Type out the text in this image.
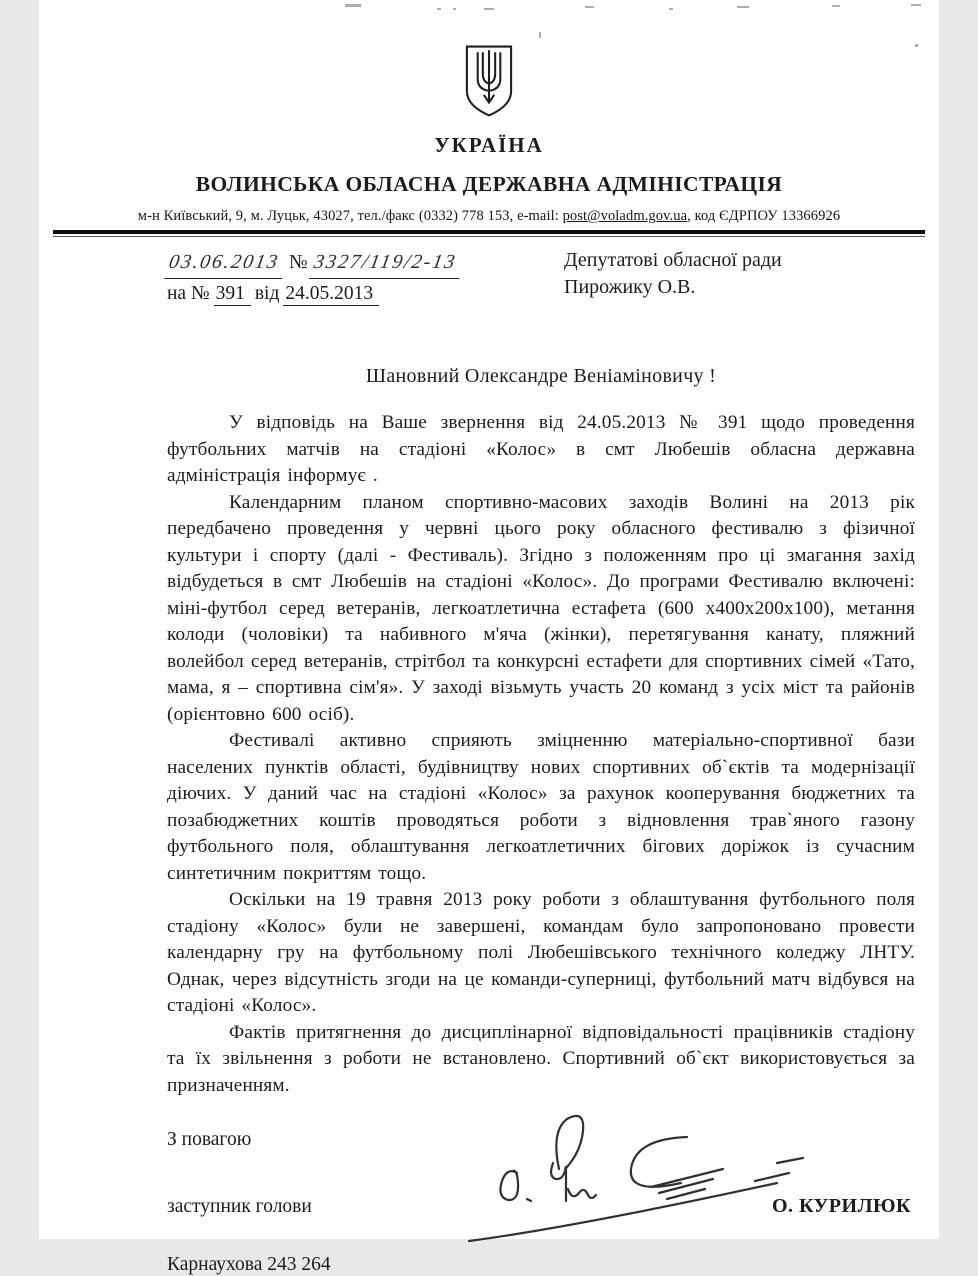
УКРАЇНА
ВОЛИНСЬКА ОБЛАСНА ДЕРЖАВНА АДМІНІСТРАЦІЯ
м-н Київський, 9, м. Луцьк, 43027, тел./факс (0332) 778 153, e-mail: post@voladm.gov.ua, код ЄДРПОУ 13366926
03.06.2013 № 3327/119/2-13
на № 391 від 24.05.2013
Депутатові обласної ради
Пирожику О.В.
Шановний Олександре Веніаміновичу !

У відповідь на Ваше звернення від 24.05.2013 № 391 щодо проведення футбольних матчів на стадіоні «Колос» в смт Любешів обласна державна адміністрація інформує .

Календарним планом спортивно-масових заходів Волині на 2013 рік передбачено проведення у червні цього року обласного фестивалю з фізичної культури і спорту (далі - Фестиваль). Згідно з положенням про ці змагання захід відбудеться в смт Любешів на стадіоні «Колос». До програми Фестивалю включені: міні-футбол серед ветеранів, легкоатлетична естафета (600 х400х200х100), метання колоди (чоловіки) та набивного м'яча (жінки), перетягування канату, пляжний волейбол серед ветеранів, стрітбол та конкурсні естафети для спортивних сімей «Тато, мама, я – спортивна сім'я». У заході візьмуть участь 20 команд з усіх міст та районів (орієнтовно 600 осіб).

Фестивалі активно сприяють зміцненню матеріально-спортивної бази населених пунктів області, будівництву нових спортивних об`єктів та модернізації діючих. У даний час на стадіоні «Колос» за рахунок кооперування бюджетних та позабюджетних коштів проводяться роботи з відновлення трав`яного газону футбольного поля, облаштування легкоатлетичних бігових доріжок із сучасним синтетичним покриттям тощо.

Оскільки на 19 травня 2013 року роботи з облаштування футбольного поля стадіону «Колос» були не завершені, командам було запропоновано провести календарну гру на футбольному полі Любешівського технічного коледжу ЛНТУ. Однак, через відсутність згоди на це команди-суперниці, футбольний матч відбувся на стадіоні «Колос».

Фактів притягнення до дисциплінарної відповідальності працівників стадіону та їх звільнення з роботи не встановлено. Спортивний об`єкт використовується за призначенням.

З повагою
заступник голови	О. КУРИЛЮК
Карнаухова 243 264
